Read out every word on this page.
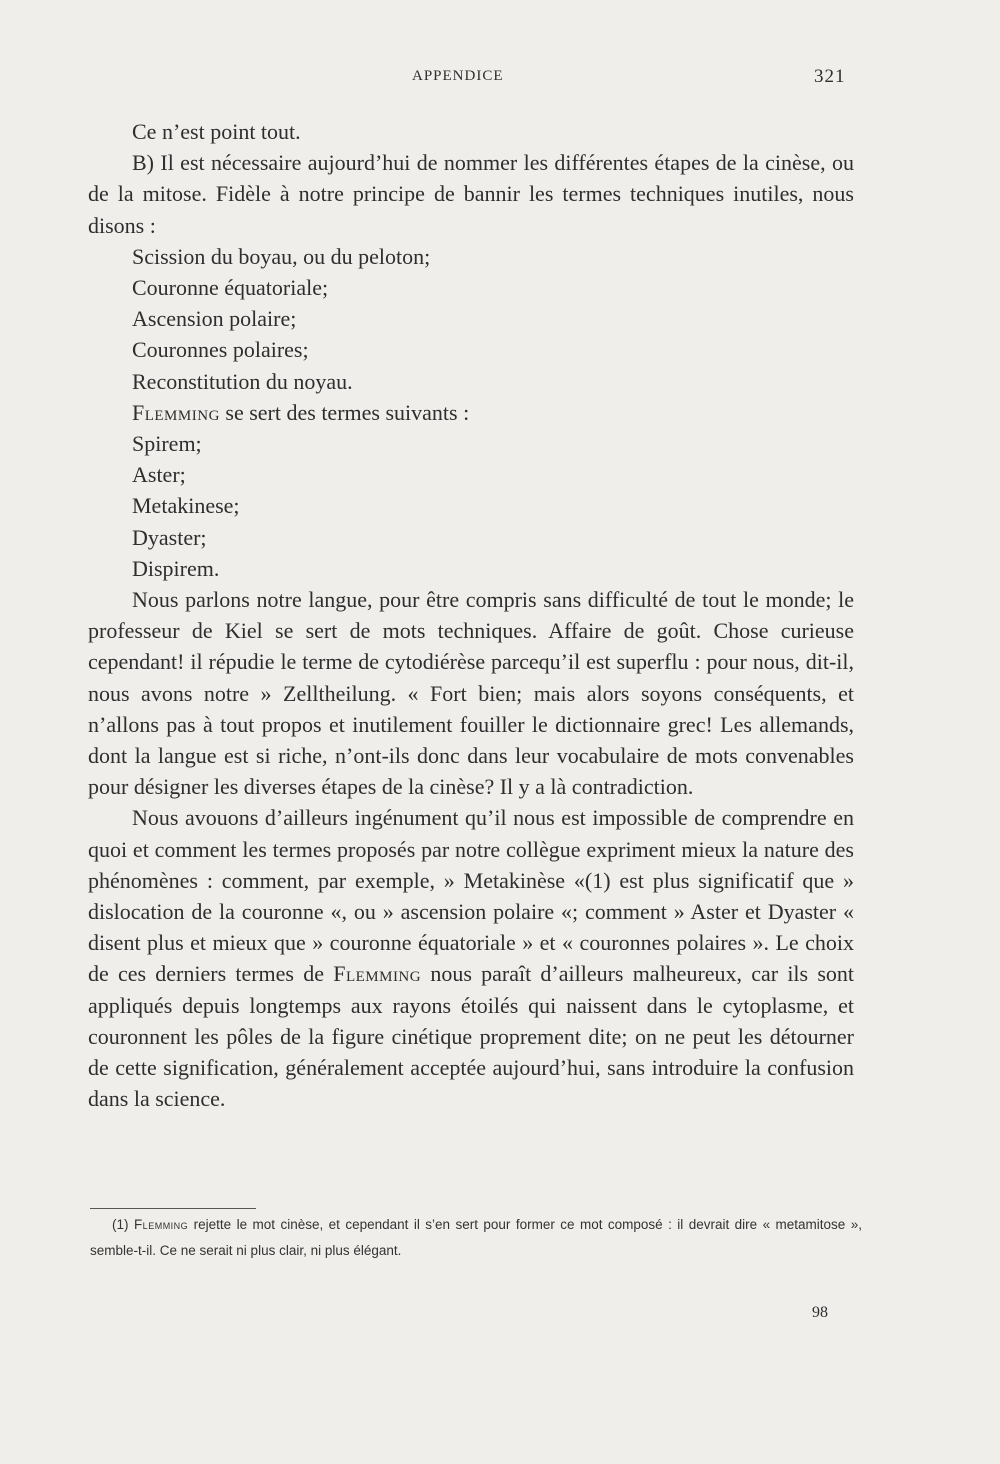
APPENDICE	321

Ce n’est point tout.

B) Il est nécessaire aujourd’hui de nommer les différentes étapes de la cinèse, ou de la mitose. Fidèle à notre principe de bannir les termes techniques inutiles, nous disons :

Scission du boyau, ou du peloton;

Couronne équatoriale;

Ascension polaire;

Couronnes polaires;

Reconstitution du noyau.

Flemming se sert des termes suivants :

Spirem;

Aster;

Metakinese;

Dyaster;

Dispirem.

Nous parlons notre langue, pour être compris sans difficulté de tout le monde; le professeur de Kiel se sert de mots techniques. Affaire de goût. Chose curieuse cependant! il répudie le terme de cytodiérèse parcequ’il est superflu : pour nous, dit-il, nous avons notre » Zelltheilung. « Fort bien; mais alors soyons conséquents, et n’allons pas à tout propos et inutilement fouiller le dictionnaire grec! Les allemands, dont la langue est si riche, n’ont-ils donc dans leur vocabulaire de mots convenables pour désigner les diverses étapes de la cinèse? Il y a là contradiction.

Nous avouons d’ailleurs ingénument qu’il nous est impossible de comprendre en quoi et comment les termes proposés par notre collègue expriment mieux la nature des phénomènes : comment, par exemple, » Metakinèse «(1) est plus significatif que » dislocation de la couronne «, ou » ascension polaire «; comment » Aster et Dyaster « disent plus et mieux que » couronne équatoriale » et « couronnes polaires ». Le choix de ces derniers termes de Flemming nous paraît d’ailleurs malheureux, car ils sont appliqués depuis longtemps aux rayons étoilés qui naissent dans le cytoplasme, et couronnent les pôles de la figure cinétique proprement dite; on ne peut les détourner de cette signification, généralement acceptée aujourd’hui, sans introduire la confusion dans la science.

(1) Flemming rejette le mot cinèse, et cependant il s’en sert pour former ce mot composé : il devrait dire « metamitose », semble-t-il. Ce ne serait ni plus clair, ni plus élégant.

98
